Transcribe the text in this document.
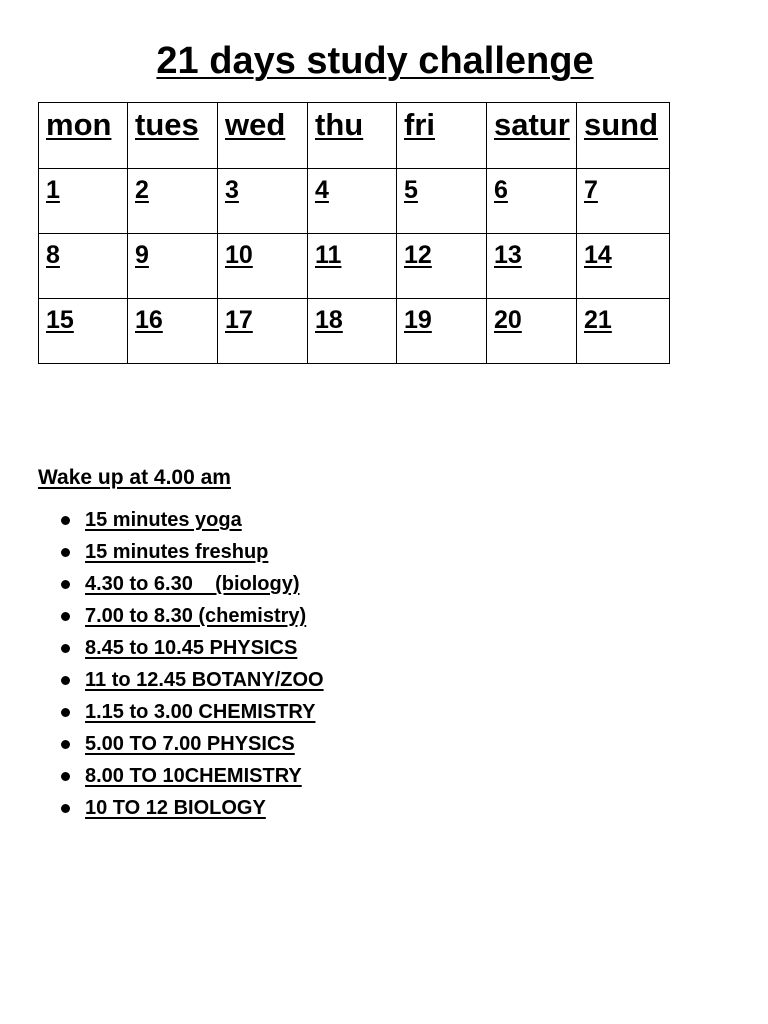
21 days study challenge
mon	tues	wed	thu	fri	satur	sund
1	2	3	4	5	6	7
8	9	10	11	12	13	14
15	16	17	18	19	20	21

Wake up at 4.00 am

15 minutes yoga
15 minutes freshup
4.30 to 6.30    (biology)
7.00 to 8.30 (chemistry)
8.45 to 10.45 PHYSICS
11 to 12.45 BOTANY/ZOO
1.15 to 3.00 CHEMISTRY
5.00 TO 7.00 PHYSICS
8.00 TO 10CHEMISTRY
10 TO 12 BIOLOGY
